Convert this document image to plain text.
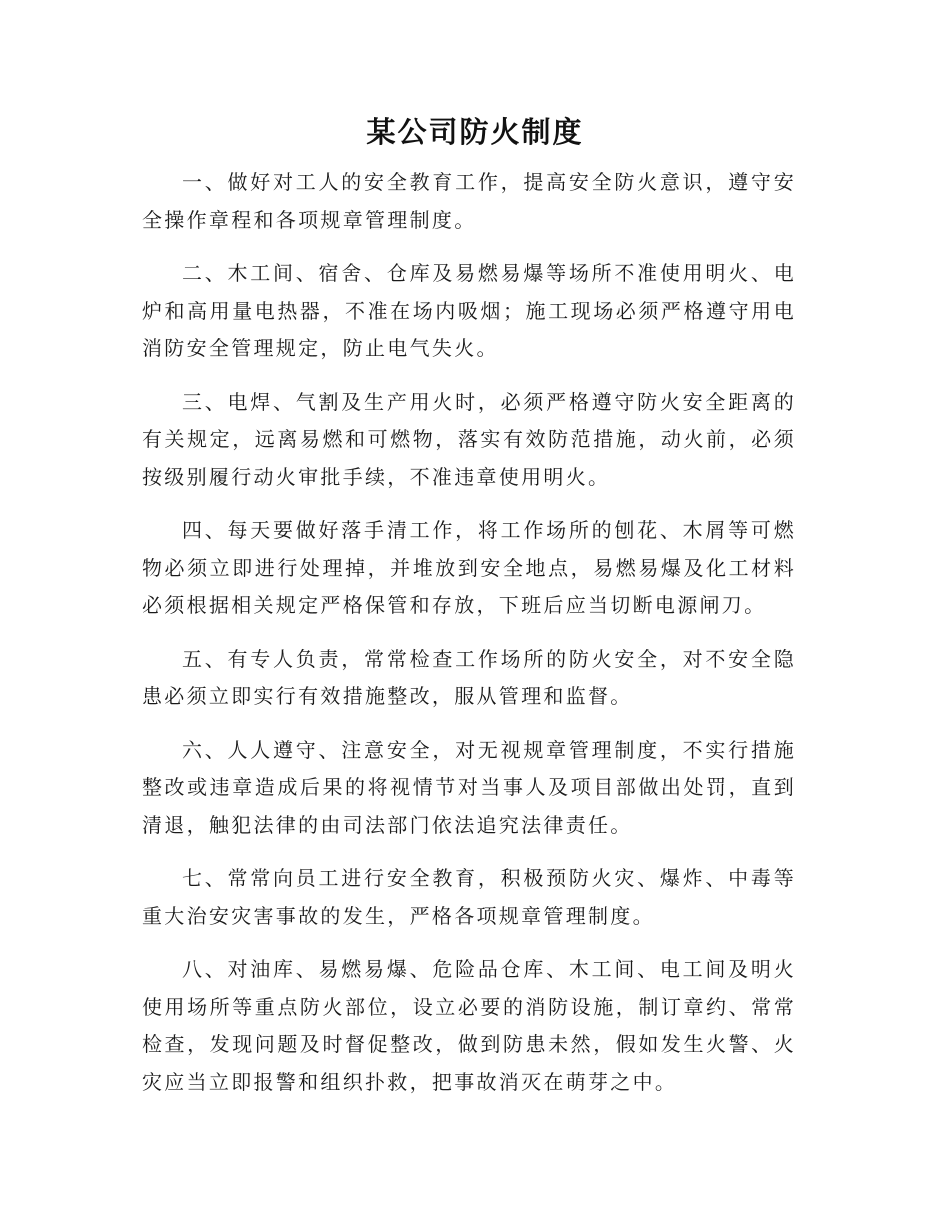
某公司防火制度

一、做好对工人的安全教育工作，提高安全防火意识，遵守安全操作章程和各项规章管理制度。

二、木工间、宿舍、仓库及易燃易爆等场所不准使用明火、电炉和高用量电热器，不准在场内吸烟；施工现场必须严格遵守用电消防安全管理规定，防止电气失火。

三、电焊、气割及生产用火时，必须严格遵守防火安全距离的有关规定，远离易燃和可燃物，落实有效防范措施，动火前，必须按级别履行动火审批手续，不准违章使用明火。

四、每天要做好落手清工作，将工作场所的刨花、木屑等可燃物必须立即进行处理掉，并堆放到安全地点，易燃易爆及化工材料必须根据相关规定严格保管和存放，下班后应当切断电源闸刀。

五、有专人负责，常常检查工作场所的防火安全，对不安全隐患必须立即实行有效措施整改，服从管理和监督。

六、人人遵守、注意安全，对无视规章管理制度，不实行措施整改或违章造成后果的将视情节对当事人及项目部做出处罚，直到清退，触犯法律的由司法部门依法追究法律责任。

七、常常向员工进行安全教育，积极预防火灾、爆炸、中毒等重大治安灾害事故的发生，严格各项规章管理制度。

八、对油库、易燃易爆、危险品仓库、木工间、电工间及明火使用场所等重点防火部位，设立必要的消防设施，制订章约、常常检查，发现问题及时督促整改，做到防患未然，假如发生火警、火灾应当立即报警和组织扑救，把事故消灭在萌芽之中。
